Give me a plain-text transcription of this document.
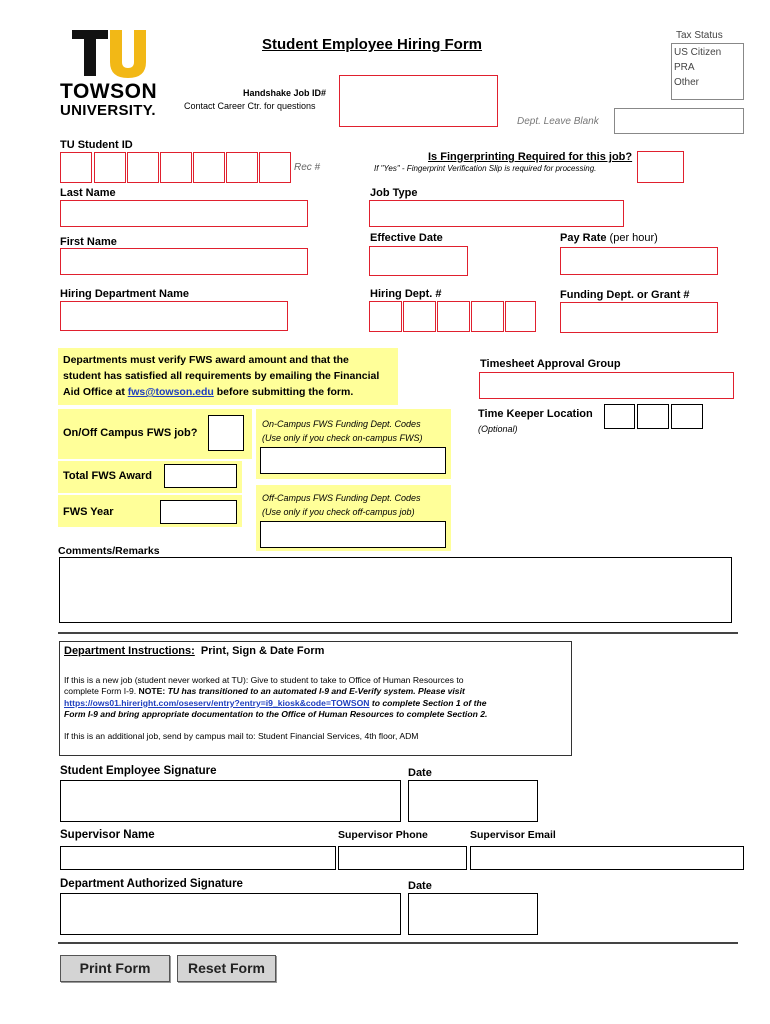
TOWSON
UNIVERSITY.
Student Employee Hiring Form
Handshake Job ID#
Contact Career Ctr. for questions
Tax Status
US Citizen
PRA
Other
Dept. Leave Blank
TU Student ID
Rec #
Is Fingerprinting Required for this job?
If "Yes" - Fingerprint Verification Slip is required for processing.
Last Name	Job Type
First Name	Effective Date	Pay Rate (per hour)
Hiring Department Name	Hiring Dept. #	Funding Dept. or Grant #
Departments must verify FWS award amount and that the
student has satisfied all requirements by emailing the Financial
Aid Office at fws@towson.edu before submitting the form.
On/Off Campus FWS job?
Total FWS Award
FWS Year
On-Campus FWS Funding Dept. Codes
(Use only if you check on-campus FWS)
Off-Campus FWS Funding Dept. Codes
(Use only if you check off-campus job)
Timesheet Approval Group
Time Keeper Location
(Optional)
Comments/Remarks
Department Instructions: Print, Sign & Date Form
If this is a new job (student never worked at TU): Give to student to take to Office of Human Resources to
complete Form I-9. NOTE: TU has transitioned to an automated I-9 and E-Verify system. Please visit
https://ows01.hireright.com/oseserv/entry?entry=i9_kiosk&code=TOWSON to complete Section 1 of the
Form I-9 and bring appropriate documentation to the Office of Human Resources to complete Section 2.
If this is an additional job, send by campus mail to: Student Financial Services, 4th floor, ADM
Student Employee Signature	Date
Supervisor Name	Supervisor Phone	Supervisor Email
Department Authorized Signature	Date
Print Form	Reset Form
